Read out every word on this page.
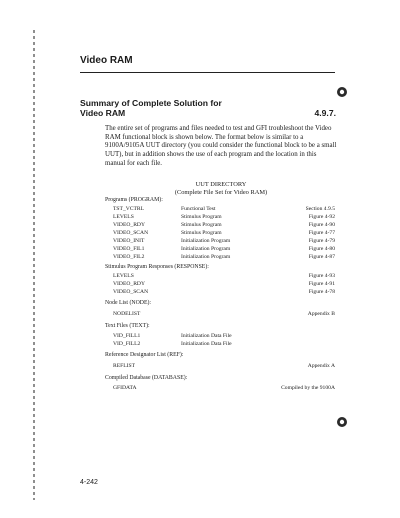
Video RAM
Summary of Complete Solution for
Video RAM	4.9.7.
The entire set of programs and files needed to test and GFI troubleshoot the Video RAM functional block is shown below. The format below is similar to a 9100A/9105A UUT directory (you could consider the functional block to be a small UUT), but in addition shows the use of each program and the location in this manual for each file.
UUT DIRECTORY
(Complete File Set for Video RAM)
Programs (PROGRAM):
TST_VCTRL	Functional Test	Section 4.9.5
LEVELS	Stimulus Program	Figure 4-92
VIDEO_RDY	Stimulus Program	Figure 4-90
VIDEO_SCAN	Stimulus Program	Figure 4-77
VIDEO_INIT	Initialization Program	Figure 4-79
VIDEO_FIL1	Initialization Program	Figure 4-80
VIDEO_FIL2	Initialization Program	Figure 4-87
Stimulus Program Responses (RESPONSE):
LEVELS	Figure 4-93
VIDEO_RDY	Figure 4-91
VIDEO_SCAN	Figure 4-78
Node List (NODE):
NODELIST	Appendix B
Text Files (TEXT):
VID_FILL1	Initialization Data File
VID_FILL2	Initialization Data File
Reference Designator List (REF):
REFLIST	Appendix A
Compiled Database (DATABASE):
GFIDATA	Compiled by the 9100A
4-242
